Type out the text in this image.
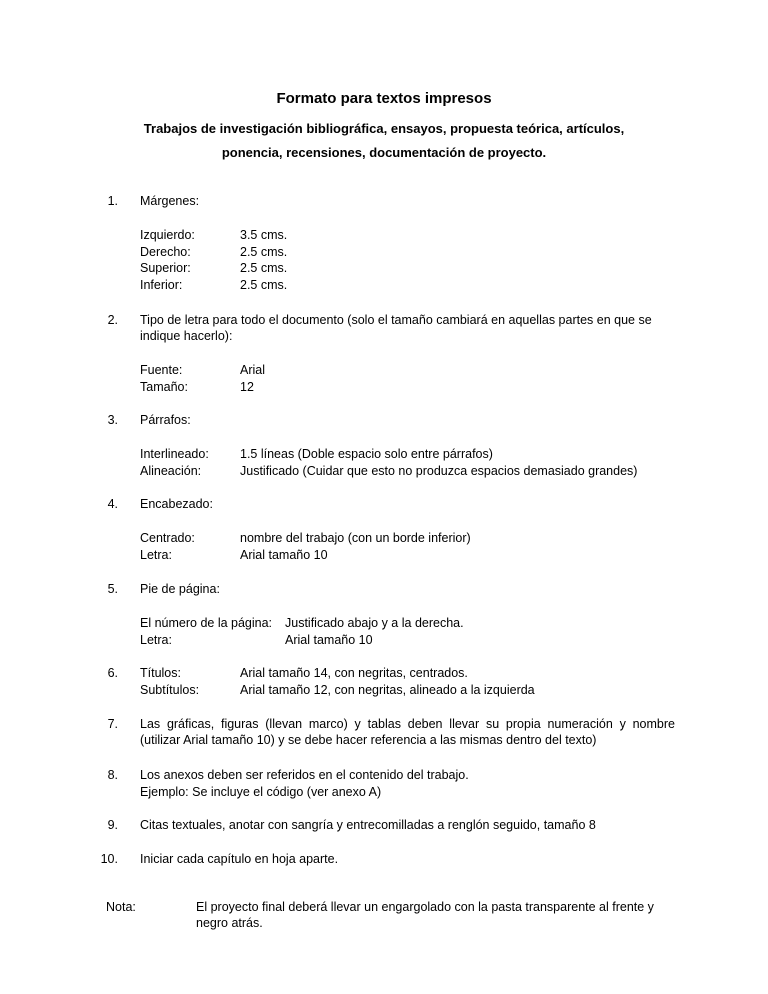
Formato para textos impresos
Trabajos de investigación bibliográfica, ensayos, propuesta teórica, artículos,
ponencia, recensiones, documentación de proyecto.
1. Márgenes:
Izquierdo:	3.5 cms.
Derecho:	2.5 cms.
Superior:	2.5 cms.
Inferior:	2.5 cms.
2. Tipo de letra para todo el documento (solo el tamaño cambiará en aquellas partes en que se indique hacerlo):
Fuente:	Arial
Tamaño:	12
3. Párrafos:
Interlineado: 1.5 líneas (Doble espacio solo entre párrafos)
Alineación:	Justificado (Cuidar que esto no produzca espacios demasiado grandes)
4. Encabezado:
Centrado:	nombre del trabajo (con un borde inferior)
Letra:	Arial tamaño 10
5. Pie de página:
El número de la página: Justificado abajo y a la derecha.
Letra:	Arial tamaño 10
6. Títulos:	Arial tamaño 14, con negritas, centrados.
Subtítulos:	Arial tamaño 12, con negritas, alineado a la izquierda
7. Las gráficas, figuras (llevan marco) y tablas deben llevar su propia numeración y nombre (utilizar Arial tamaño 10) y se debe hacer referencia a las mismas dentro del texto)
8. Los anexos deben ser referidos en el contenido del trabajo.
Ejemplo: Se incluye el código (ver anexo A)
9. Citas textuales, anotar con sangría y entrecomilladas a renglón seguido, tamaño 8
10. Iniciar cada capítulo en hoja aparte.
Nota:	El proyecto final deberá llevar un engargolado con la pasta transparente al frente y negro atrás.
